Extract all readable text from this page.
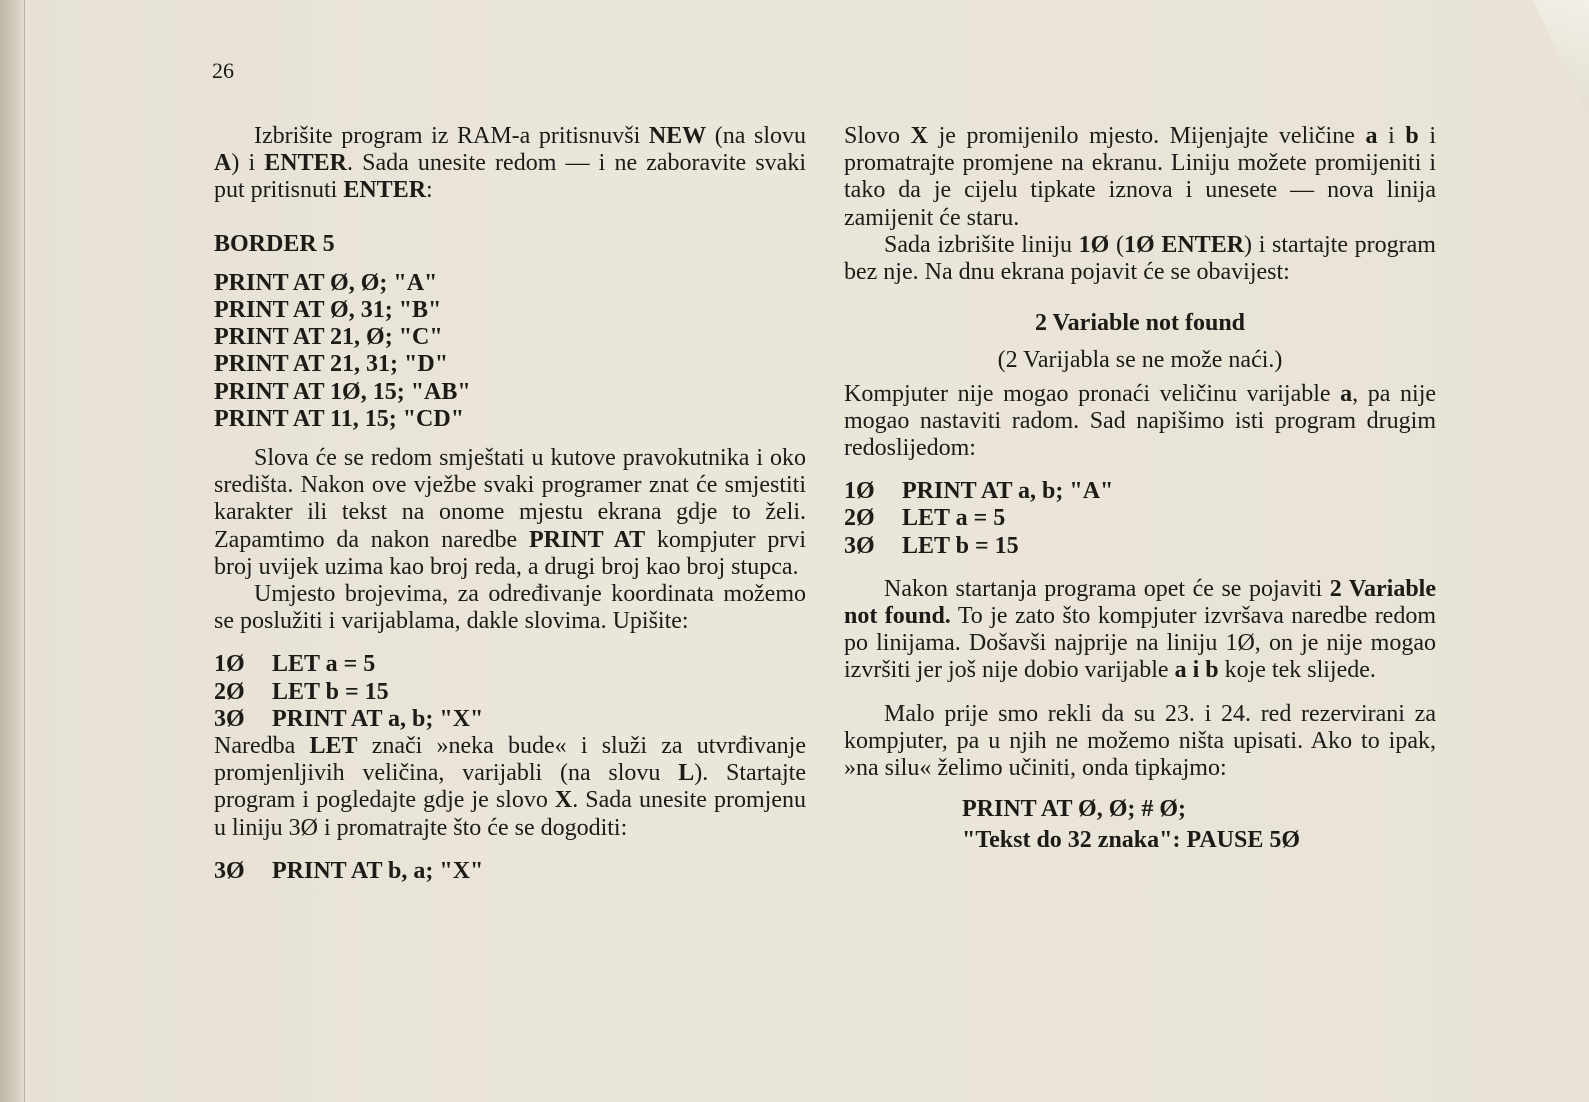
26

Izbrišite program iz RAM-a pritisnuvši NEW (na slovu A) i ENTER. Sada unesite redom — i ne zaboravite svaki put pritisnuti ENTER:

BORDER 5
PRINT AT Ø, Ø; "A"
PRINT AT Ø, 31; "B"
PRINT AT 21, Ø; "C"
PRINT AT 21, 31; "D"
PRINT AT 1Ø, 15; "AB"
PRINT AT 11, 15; "CD"

Slova će se redom smještati u kutove pravokutnika i oko središta. Nakon ove vježbe svaki programer znat će smjestiti karakter ili tekst na onome mjestu ekrana gdje to želi. Zapamtimo da nakon naredbe PRINT AT kompjuter prvi broj uvijek uzima kao broj reda, a drugi broj kao broj stupca.

Umjesto brojevima, za određivanje koordinata možemo se poslužiti i varijablama, dakle slovima. Upišite:

1Ø LET a = 5
2Ø LET b = 15
3Ø PRINT AT a, b; "X"

Naredba LET znači »neka bude« i služi za utvrđivanje promjenljivih veličina, varijabli (na slovu L). Startajte program i pogledajte gdje je slovo X. Sada unesite promjenu u liniju 3Ø i promatrajte što će se dogoditi:

3Ø PRINT AT b, a; "X"

Slovo X je promijenilo mjesto. Mijenjajte veličine a i b i promatrajte promjene na ekranu. Liniju možete promijeniti i tako da je cijelu tipkate iznova i unesete — nova linija zamijenit će staru.

Sada izbrišite liniju 1Ø (1Ø ENTER) i startajte program bez nje. Na dnu ekrana pojavit će se obavijest:

2 Variable not found
(2 Varijabla se ne može naći.)

Kompjuter nije mogao pronaći veličinu varijable a, pa nije mogao nastaviti radom. Sad napišimo isti program drugim redoslijedom:

1Ø PRINT AT a, b; "A"
2Ø LET a = 5
3Ø LET b = 15

Nakon startanja programa opet će se pojaviti 2 Variable not found. To je zato što kompjuter izvršava naredbe redom po linijama. Došavši najprije na liniju 1Ø, on je nije mogao izvršiti jer još nije dobio varijable a i b koje tek slijede.

Malo prije smo rekli da su 23. i 24. red rezervirani za kompjuter, pa u njih ne možemo ništa upisati. Ako to ipak, »na silu« želimo učiniti, onda tipkajmo:

PRINT AT Ø, Ø; # Ø;
"Tekst do 32 znaka": PAUSE 5Ø
